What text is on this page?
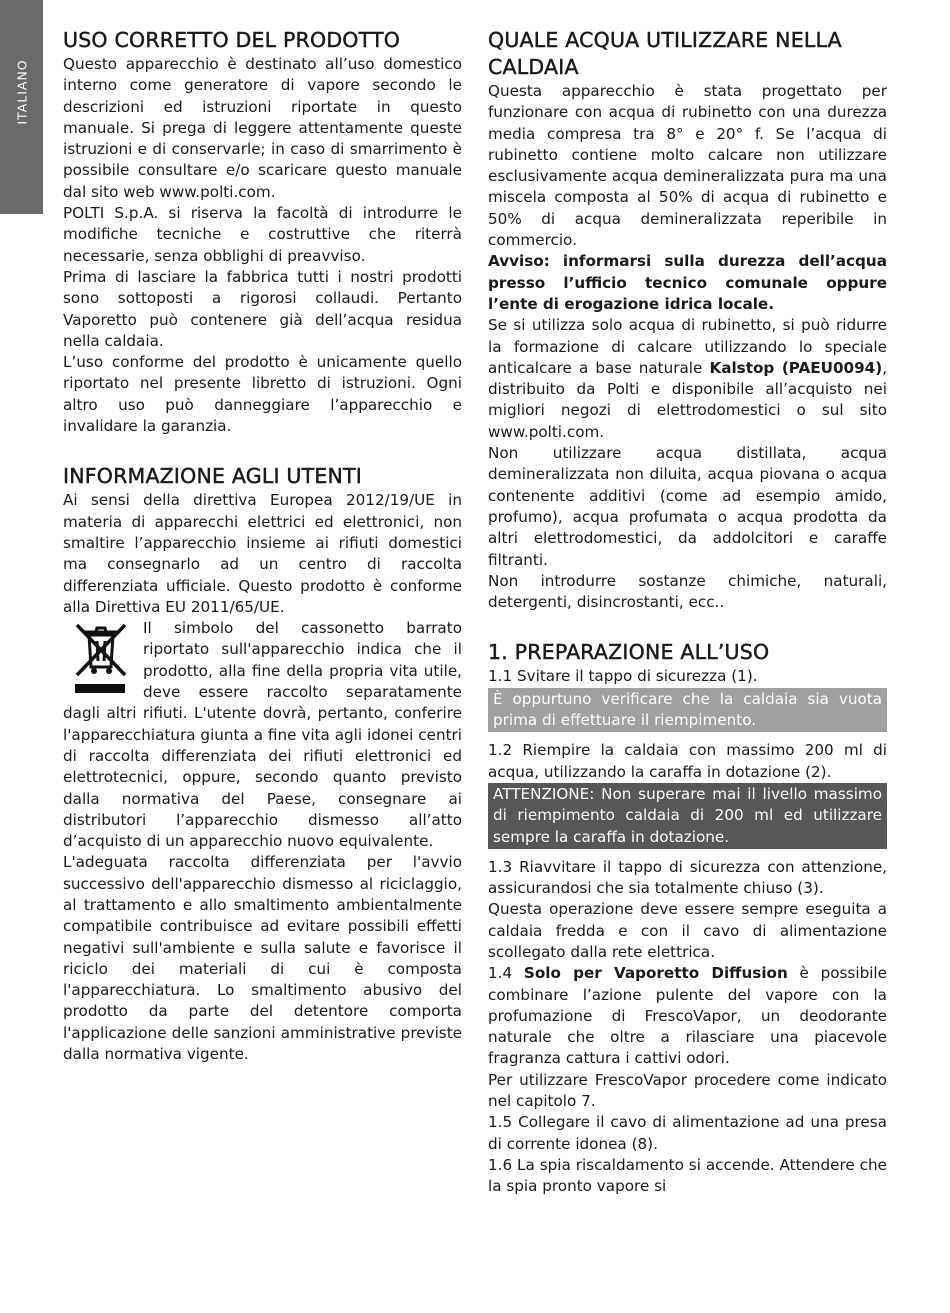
ITALIANO
USO CORRETTO DEL PRODOTTO

Questo apparecchio è destinato all’uso domestico interno come generatore di vapore secondo le descrizioni ed istruzioni riportate in questo manuale. Si prega di leggere attentamente queste istruzioni e di conservarle; in caso di smarrimento è possibile consultare e/o scaricare questo manuale dal sito web www.polti.com.

POLTI S.p.A. si riserva la facoltà di introdurre le modifiche tecniche e costruttive che riterrà necessarie, senza obblighi di preavviso.

Prima di lasciare la fabbrica tutti i nostri prodotti sono sottoposti a rigorosi collaudi. Pertanto Vaporetto può contenere già dell’acqua residua nella caldaia.

L’uso conforme del prodotto è unicamente quello riportato nel presente libretto di istruzioni. Ogni altro uso può danneggiare l’apparecchio e invalidare la garanzia.

INFORMAZIONE AGLI UTENTI

Ai sensi della direttiva Europea 2012/19/UE in materia di apparecchi elettrici ed elettronici, non smaltire l’apparecchio insieme ai rifiuti domestici ma consegnarlo ad un centro di raccolta differenziata ufficiale. Questo prodotto è conforme alla Direttiva EU 2011/65/UE.

Il simbolo del cassonetto barrato riportato sull'apparecchio indica che il prodotto, alla fine della propria vita utile, deve essere raccolto separatamente dagli altri rifiuti. L'utente dovrà, pertanto, conferire l'apparecchiatura giunta a fine vita agli idonei centri di raccolta differenziata dei rifiuti elettronici ed elettrotecnici, oppure, secondo quanto previsto dalla normativa del Paese, consegnare ai distributori l’apparecchio dismesso all’atto d’acquisto di un apparecchio nuovo equivalente.

L'adeguata raccolta differenziata per l'avvio successivo dell'apparecchio dismesso al riciclaggio, al trattamento e allo smaltimento ambientalmente compatibile contribuisce ad evitare possibili effetti negativi sull'ambiente e sulla salute e favorisce il riciclo dei materiali di cui è composta l'apparecchiatura. Lo smaltimento abusivo del prodotto da parte del detentore comporta l'applicazione delle sanzioni amministrative previste dalla normativa vigente.

QUALE ACQUA UTILIZZARE NELLA CALDAIA

Questa apparecchio è stata progettato per funzionare con acqua di rubinetto con una durezza media compresa tra 8° e 20° f. Se l’acqua di rubinetto contiene molto calcare non utilizzare esclusivamente acqua demineralizzata pura ma una miscela composta al 50% di acqua di rubinetto e 50% di acqua demineralizzata reperibile in commercio.

Avviso: informarsi sulla durezza dell’acqua presso l’ufficio tecnico comunale oppure l’ente di erogazione idrica locale.

Se si utilizza solo acqua di rubinetto, si può ridurre la formazione di calcare utilizzando lo speciale anticalcare a base naturale Kalstop (PAEU0094), distribuito da Polti e disponibile all’acquisto nei migliori negozi di elettrodomestici o sul sito www.polti.com.

Non utilizzare acqua distillata, acqua demineralizzata non diluita, acqua piovana o acqua contenente additivi (come ad esempio amido, profumo), acqua profumata o acqua prodotta da altri elettrodomestici, da addolcitori e caraffe filtranti.

Non introdurre sostanze chimiche, naturali, detergenti, disincrostanti, ecc..

1. PREPARAZIONE ALL’USO

1.1 Svitare il tappo di sicurezza (1).

È oppurtuno verificare che la caldaia sia vuota prima di effettuare il riempimento.

1.2 Riempire la caldaia con massimo 200 ml di acqua, utilizzando la caraffa in dotazione (2).

ATTENZIONE: Non superare mai il livello massimo di riempimento caldaia di 200 ml ed utilizzare sempre la caraffa in dotazione.

1.3 Riavvitare il tappo di sicurezza con attenzione, assicurandosi che sia totalmente chiuso (3).

Questa operazione deve essere sempre eseguita a caldaia fredda e con il cavo di alimentazione scollegato dalla rete elettrica.

1.4 Solo per Vaporetto Diffusion è possibile combinare l’azione pulente del vapore con la profumazione di FrescoVapor, un deodorante naturale che oltre a rilasciare una piacevole fragranza cattura i cattivi odori.

Per utilizzare FrescoVapor procedere come indicato nel capitolo 7.

1.5 Collegare il cavo di alimentazione ad una presa di corrente idonea (8).

1.6 La spia riscaldamento si accende. Attendere che la spia pronto vapore si
